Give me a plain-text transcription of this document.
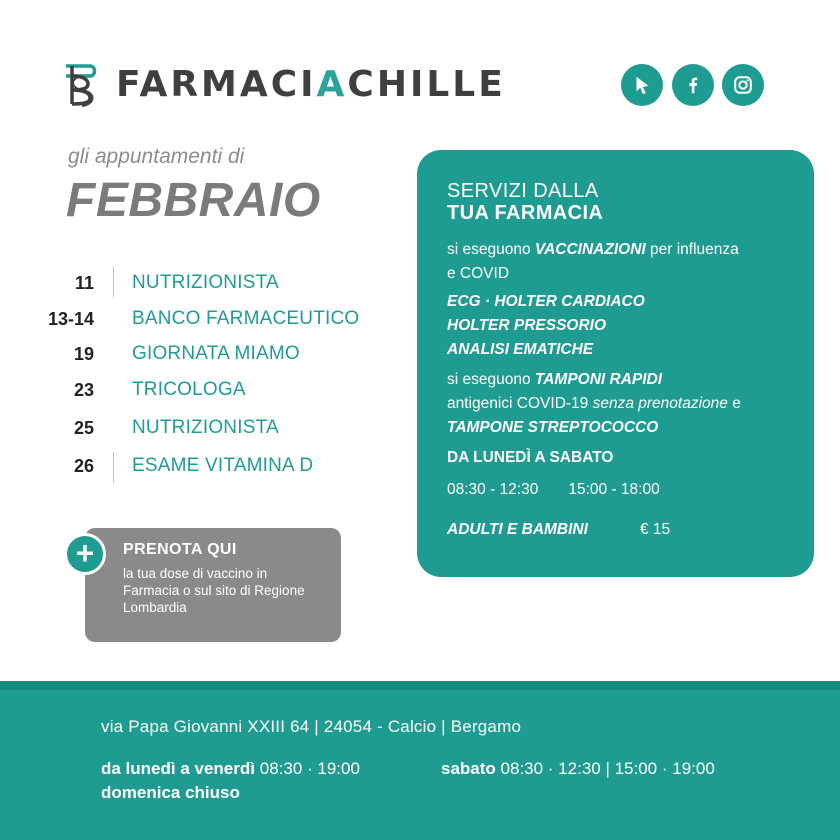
FARMACIACHILLE
gli appuntamenti di
FEBBRAIO
11 NUTRIZIONISTA
13-14 BANCO FARMACEUTICO
19 GIORNATA MIAMO
23 TRICOLOGA
25 NUTRIZIONISTA
26 ESAME VITAMINA D
PRENOTA QUI
la tua dose di vaccino in Farmacia o sul sito di Regione Lombardia
+
SERVIZI DALLA
TUA FARMACIA
si eseguono VACCINAZIONI per influenza
e COVID
ECG · HOLTER CARDIACO
HOLTER PRESSORIO
ANALISI EMATICHE
si eseguono TAMPONI RAPIDI
antigenici COVID-19 senza prenotazione e
TAMPONE STREPTOCOCCO
DA LUNEDÌ A SABATO
08:30 - 12:30 15:00 - 18:00
ADULTI E BAMBINI	€ 15
via Papa Giovanni XXIII 64 | 24054 - Calcio | Bergamo
da lunedì a venerdì 08:30 · 19:00	sabato 08:30 · 12:30 | 15:00 · 19:00
domenica chiuso
